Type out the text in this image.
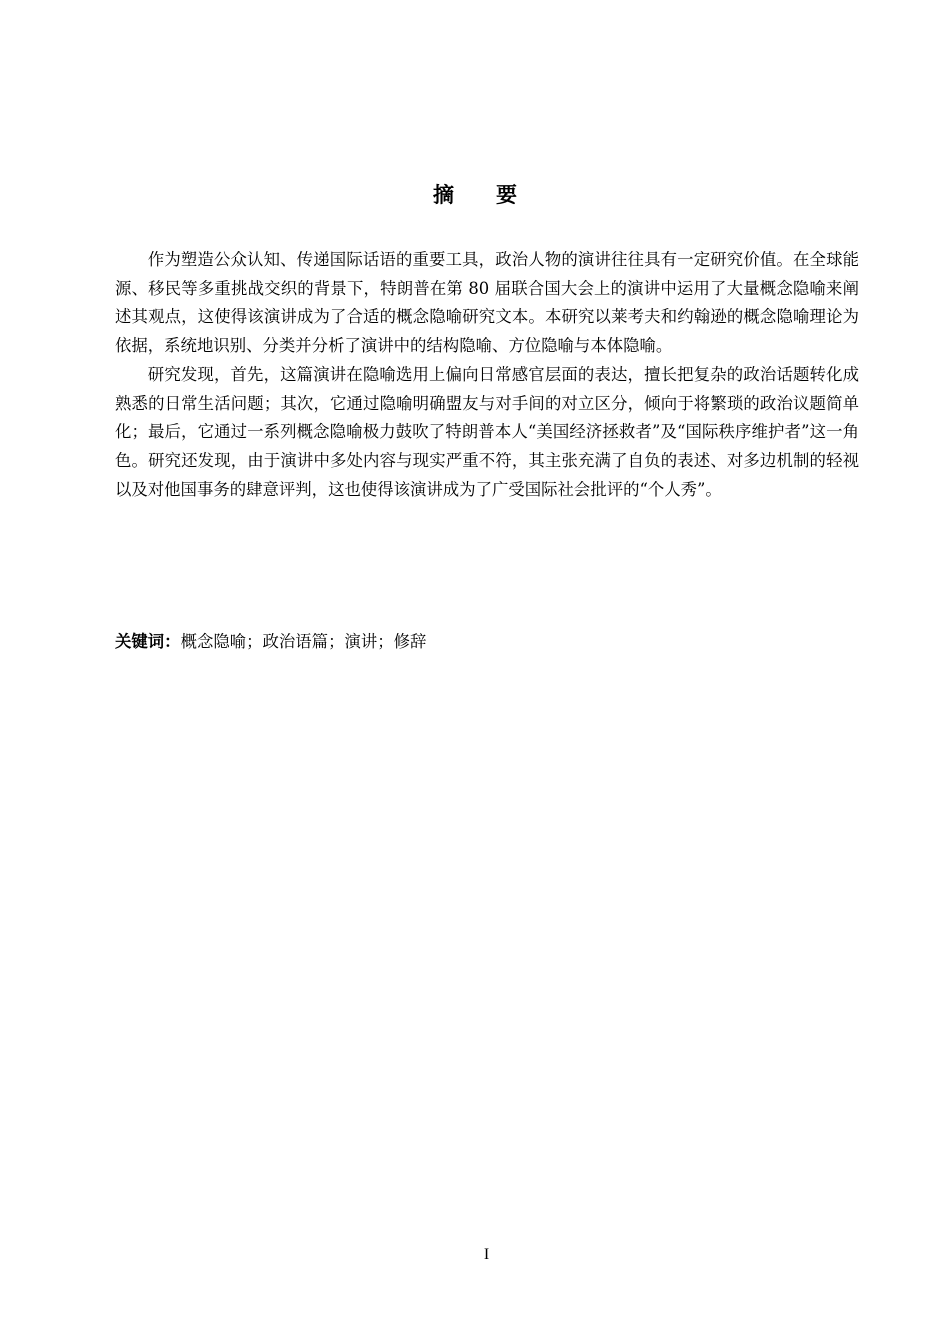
摘　　要

作为塑造公众认知、传递国际话语的重要工具，政治人物的演讲往往具有一定研究价值。在全球能源、移民等多重挑战交织的背景下，特朗普在第 80 届联合国大会上的演讲中运用了大量概念隐喻来阐述其观点，这使得该演讲成为了合适的概念隐喻研究文本。本研究以莱考夫和约翰逊的概念隐喻理论为依据，系统地识别、分类并分析了演讲中的结构隐喻、方位隐喻与本体隐喻。

研究发现，首先，这篇演讲在隐喻选用上偏向日常感官层面的表达，擅长把复杂的政治话题转化成熟悉的日常生活问题；其次，它通过隐喻明确盟友与对手间的对立区分，倾向于将繁琐的政治议题简单化；最后，它通过一系列概念隐喻极力鼓吹了特朗普本人“美国经济拯救者”及“国际秩序维护者”这一角色。研究还发现，由于演讲中多处内容与现实严重不符，其主张充满了自负的表述、对多边机制的轻视以及对他国事务的肆意评判，这也使得该演讲成为了广受国际社会批评的“个人秀”。

关键词：概念隐喻；政治语篇；演讲；修辞

I
